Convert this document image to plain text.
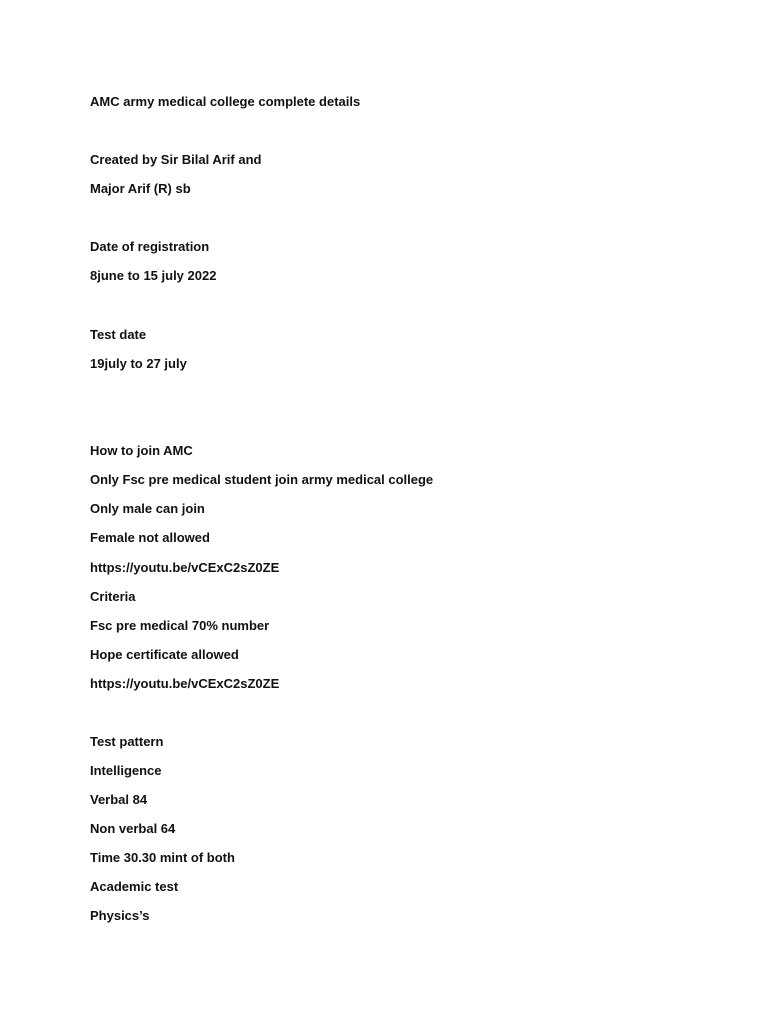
AMC army medical college complete details
Created by Sir Bilal Arif and
Major Arif (R) sb
Date of registration
8june to 15 july 2022
Test date
19july to 27 july
How to join AMC
Only Fsc pre medical student join army medical college
Only male can join
Female not allowed
https://youtu.be/vCExC2sZ0ZE
Criteria
Fsc pre medical 70% number
Hope certificate allowed
https://youtu.be/vCExC2sZ0ZE
Test pattern
Intelligence
Verbal 84
Non verbal 64
Time 30.30 mint of both
Academic test
Physics’s
